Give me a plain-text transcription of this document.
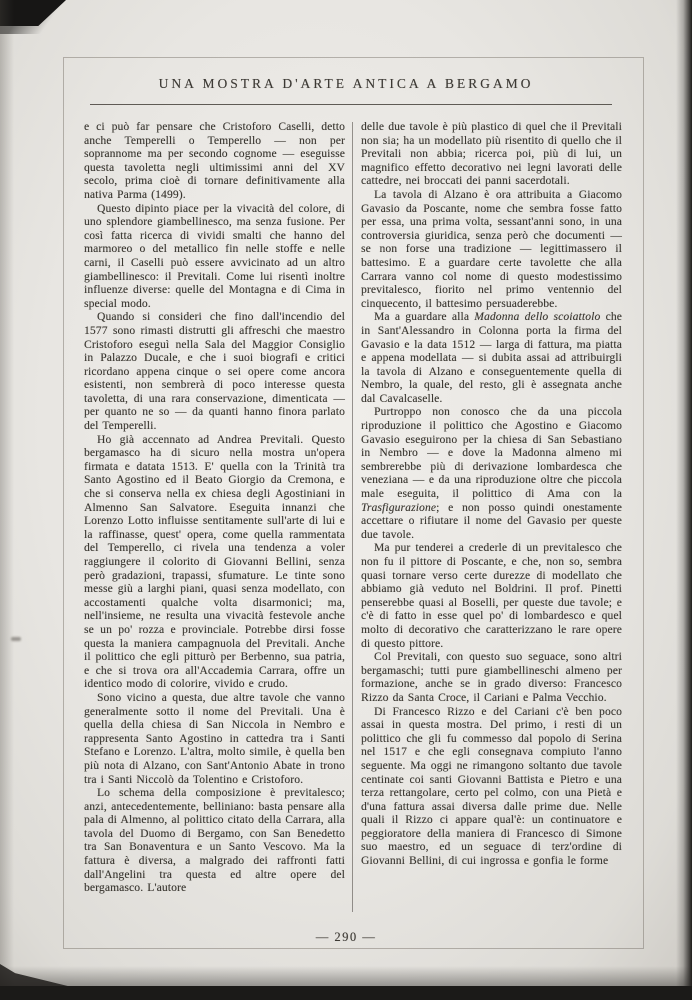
UNA MOSTRA D'ARTE ANTICA A BERGAMO

e ci può far pensare che Cristoforo Caselli, detto anche Temperelli o Temperello — non per soprannome ma per secondo cognome — eseguisse questa tavoletta negli ultimissimi anni del XV secolo, prima cioè di tornare definitivamente alla nativa Parma (1499).

Questo dipinto piace per la vivacità del colore, di uno splendore giambellinesco, ma senza fusione. Per così fatta ricerca di vividi smalti che hanno del marmoreo o del metallico fin nelle stoffe e nelle carni, il Caselli può essere avvicinato ad un altro giambellinesco: il Previtali. Come lui risentì inoltre influenze diverse: quelle del Montagna e di Cima in special modo.

Quando si consideri che fino dall'incendio del 1577 sono rimasti distrutti gli affreschi che maestro Cristoforo eseguì nella Sala del Maggior Consiglio in Palazzo Ducale, e che i suoi biografi e critici ricordano appena cinque o sei opere come ancora esistenti, non sembrerà di poco interesse questa tavoletta, di una rara conservazione, dimenticata — per quanto ne so — da quanti hanno finora parlato del Temperelli.

Ho già accennato ad Andrea Previtali. Questo bergamasco ha di sicuro nella mostra un'opera firmata e datata 1513. E' quella con la Trinità tra Santo Agostino ed il Beato Giorgio da Cremona, e che si conserva nella ex chiesa degli Agostiniani in Almenno San Salvatore. Eseguita innanzi che Lorenzo Lotto influisse sentitamente sull'arte di lui e la raffinasse, quest' opera, come quella rammentata del Temperello, ci rivela una tendenza a voler raggiungere il colorito di Giovanni Bellini, senza però gradazioni, trapassi, sfumature. Le tinte sono messe giù a larghi piani, quasi senza modellato, con accostamenti qualche volta disarmonici; ma, nell'insieme, ne resulta una vivacità festevole anche se un po' rozza e provinciale. Potrebbe dirsi fosse questa la maniera campagnuola del Previtali. Anche il polittico che egli pitturò per Berbenno, sua patria, e che si trova ora all'Accademia Carrara, offre un identico modo di colorire, vivido e crudo.

Sono vicino a questa, due altre tavole che vanno generalmente sotto il nome del Previtali. Una è quella della chiesa di San Niccola in Nembro e rappresenta Santo Agostino in cattedra tra i Santi Stefano e Lorenzo. L'altra, molto simile, è quella ben più nota di Alzano, con Sant'Antonio Abate in trono tra i Santi Niccolò da Tolentino e Cristoforo.

Lo schema della composizione è previtalesco; anzi, antecedentemente, belliniano: basta pensare alla pala di Almenno, al polittico citato della Carrara, alla tavola del Duomo di Bergamo, con San Benedetto tra San Bonaventura e un Santo Vescovo. Ma la fattura è diversa, a malgrado dei raffronti fatti dall'Angelini tra questa ed altre opere del bergamasco. L'autore

delle due tavole è più plastico di quel che il Previtali non sia; ha un modellato più risentito di quello che il Previtali non abbia; ricerca poi, più di lui, un magnifico effetto decorativo nei legni lavorati delle cattedre, nei broccati dei panni sacerdotali.

La tavola di Alzano è ora attribuita a Giacomo Gavasio da Poscante, nome che sembra fosse fatto per essa, una prima volta, sessant'anni sono, in una controversia giuridica, senza però che documenti — se non forse una tradizione — legittimassero il battesimo. E a guardare certe tavolette che alla Carrara vanno col nome di questo modestissimo previtalesco, fiorito nel primo ventennio del cinquecento, il battesimo persuaderebbe.

Ma a guardare alla Madonna dello scoiattolo che in Sant'Alessandro in Colonna porta la firma del Gavasio e la data 1512 — larga di fattura, ma piatta e appena modellata — si dubita assai ad attribuirgli la tavola di Alzano e conseguentemente quella di Nembro, la quale, del resto, gli è assegnata anche dal Cavalcaselle.

Purtroppo non conosco che da una piccola riproduzione il polittico che Agostino e Giacomo Gavasio eseguirono per la chiesa di San Sebastiano in Nembro — e dove la Madonna almeno mi sembrerebbe più di derivazione lombardesca che veneziana — e da una riproduzione oltre che piccola male eseguita, il polittico di Ama con la Trasfigurazione; e non posso quindi onestamente accettare o rifiutare il nome del Gavasio per queste due tavole.

Ma pur tenderei a crederle di un previtalesco che non fu il pittore di Poscante, e che, non so, sembra quasi tornare verso certe durezze di modellato che abbiamo già veduto nel Boldrini. Il prof. Pinetti penserebbe quasi al Boselli, per queste due tavole; e c'è di fatto in esse quel po' di lombardesco e quel molto di decorativo che caratterizzano le rare opere di questo pittore.

Col Previtali, con questo suo seguace, sono altri bergamaschi; tutti pure giambellineschi almeno per formazione, anche se in grado diverso: Francesco Rizzo da Santa Croce, il Cariani e Palma Vecchio.

Di Francesco Rizzo e del Cariani c'è ben poco assai in questa mostra. Del primo, i resti di un polittico che gli fu commesso dal popolo di Serina nel 1517 e che egli consegnava compiuto l'anno seguente. Ma oggi ne rimangono soltanto due tavole centinate coi santi Giovanni Battista e Pietro e una terza rettangolare, certo pel colmo, con una Pietà e d'una fattura assai diversa dalle prime due. Nelle quali il Rizzo ci appare qual'è: un continuatore e peggioratore della maniera di Francesco di Simone suo maestro, ed un seguace di terz'ordine di Giovanni Bellini, di cui ingrossa e gonfia le forme

— 290 —
